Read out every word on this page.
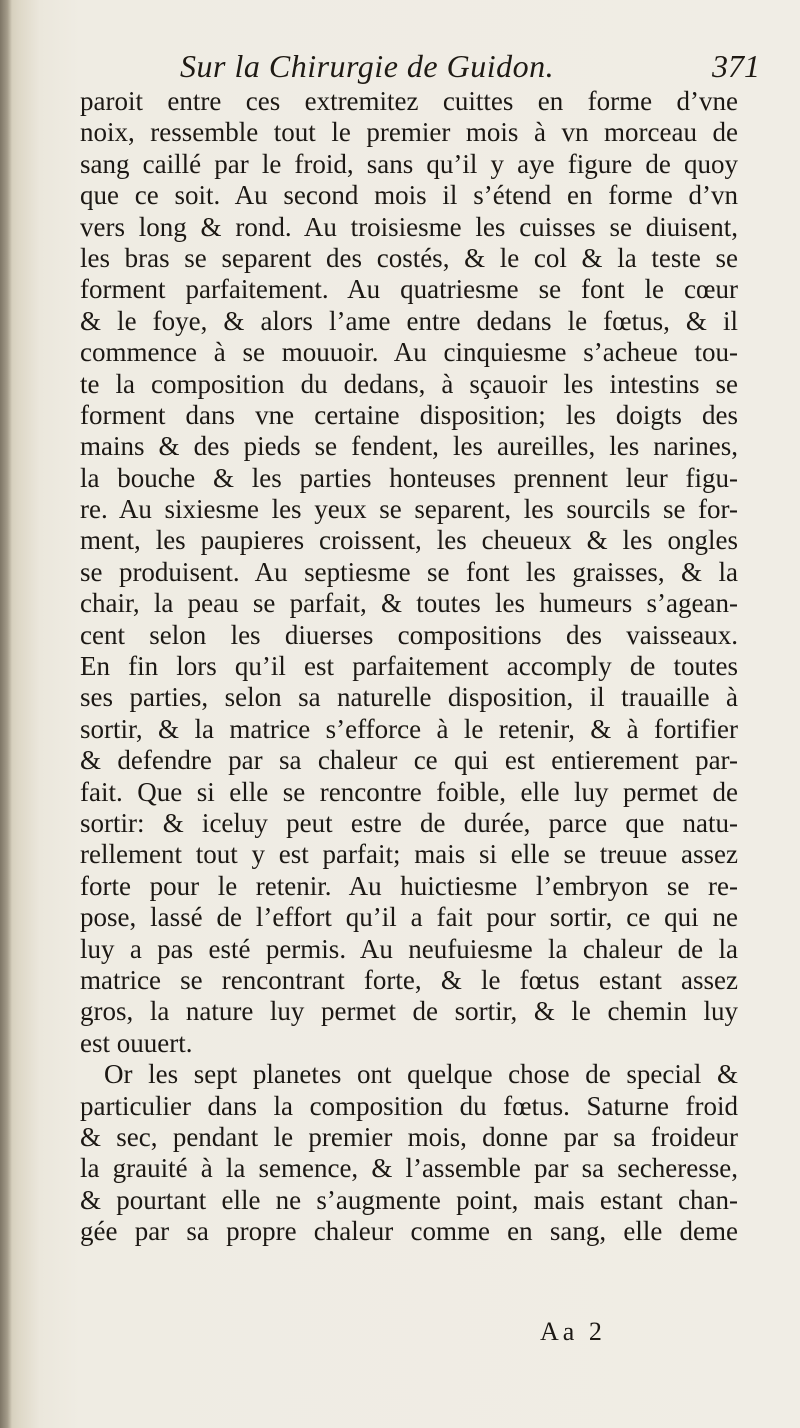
Sur la Chirurgie de Guidon.	371
paroit entre ces extremitez cuittes en forme d’vne
noix, ressemble tout le premier mois à vn morceau de
sang caillé par le froid, sans qu’il y aye figure de quoy
que ce soit. Au second mois il s’étend en forme d’vn
vers long & rond. Au troisiesme les cuisses se diuisent,
les bras se separent des costés, & le col & la teste se
forment parfaitement. Au quatriesme se font le cœur
& le foye, & alors l’ame entre dedans le fœtus, & il
commence à se mouuoir. Au cinquiesme s’acheue tou-
te la composition du dedans, à sçauoir les intestins se
forment dans vne certaine disposition; les doigts des
mains & des pieds se fendent, les aureilles, les narines,
la bouche & les parties honteuses prennent leur figu-
re. Au sixiesme les yeux se separent, les sourcils se for-
ment, les paupieres croissent, les cheueux & les ongles
se produisent. Au septiesme se font les graisses, & la
chair, la peau se parfait, & toutes les humeurs s’agean-
cent selon les diuerses compositions des vaisseaux.
En fin lors qu’il est parfaitement accomply de toutes
ses parties, selon sa naturelle disposition, il trauaille à
sortir, & la matrice s’efforce à le retenir, & à fortifier
& defendre par sa chaleur ce qui est entierement par-
fait. Que si elle se rencontre foible, elle luy permet de
sortir: & iceluy peut estre de durée, parce que natu-
rellement tout y est parfait; mais si elle se treuue assez
forte pour le retenir. Au huictiesme l’embryon se re-
pose, lassé de l’effort qu’il a fait pour sortir, ce qui ne
luy a pas esté permis. Au neufuiesme la chaleur de la
matrice se rencontrant forte, & le fœtus estant assez
gros, la nature luy permet de sortir, & le chemin luy
est ouuert.
Or les sept planetes ont quelque chose de special &
particulier dans la composition du fœtus. Saturne froid
& sec, pendant le premier mois, donne par sa froideur
la grauité à la semence, & l’assemble par sa secheresse,
& pourtant elle ne s’augmente point, mais estant chan-
gée par sa propre chaleur comme en sang, elle deme
Aa 2
